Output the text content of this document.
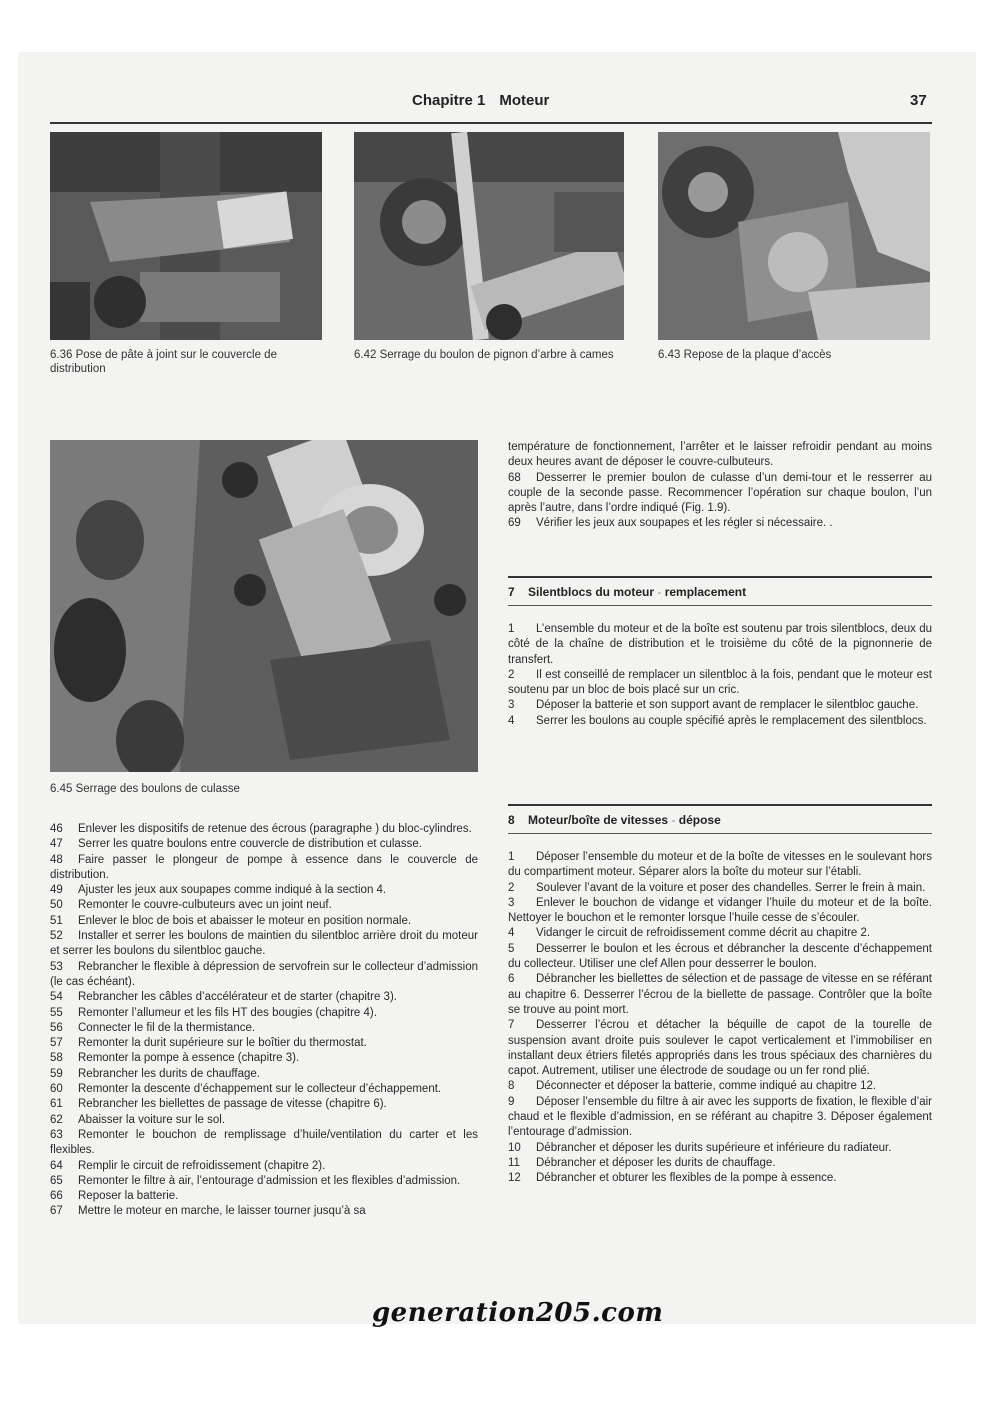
Chapitre 1 Moteur	37
6.36 Pose de pâte à joint sur le couvercle de distribution
6.42 Serrage du boulon de pignon d’arbre à cames	6.43 Repose de la plaque d’accès
6.45 Serrage des boulons de culasse

46 Enlever les dispositifs de retenue des écrous (paragraphe ) du bloc-cylindres.

47 Serrer les quatre boulons entre couvercle de distribution et culasse.

48 Faire passer le plongeur de pompe à essence dans le couvercle de distribution.

49 Ajuster les jeux aux soupapes comme indiqué à la section 4.

50 Remonter le couvre-culbuteurs avec un joint neuf.

51 Enlever le bloc de bois et abaisser le moteur en position normale.

52 Installer et serrer les boulons de maintien du silentbloc arrière droit du moteur et serrer les boulons du silentbloc gauche.

53 Rebrancher le flexible à dépression de servofrein sur le collecteur d’admission (le cas échéant).

54 Rebrancher les câbles d’accélérateur et de starter (chapitre 3).

55 Remonter l’allumeur et les fils HT des bougies (chapitre 4).

56 Connecter le fil de la thermistance.

57 Remonter la durit supérieure sur le boîtier du thermostat.

58 Remonter la pompe à essence (chapitre 3).

59 Rebrancher les durits de chauffage.

60 Remonter la descente d’échappement sur le collecteur d’échappement.

61 Rebrancher les biellettes de passage de vitesse (chapitre 6).

62 Abaisser la voiture sur le sol.

63 Remonter le bouchon de remplissage d’huile/ventilation du carter et les flexibles.

64 Remplir le circuit de refroidissement (chapitre 2).

65 Remonter le filtre à air, l’entourage d’admission et les flexibles d’admission.

66 Reposer la batterie.

67 Mettre le moteur en marche, le laisser tourner jusqu’à sa

température de fonctionnement, l’arrêter et le laisser refroidir pendant au moins deux heures avant de déposer le couvre-culbuteurs.

68 Desserrer le premier boulon de culasse d’un demi-tour et le resserrer au couple de la seconde passe. Recommencer l’opération sur chaque boulon, l’un après l’autre, dans l’ordre indiqué (Fig. 1.9).

69 Vérifier les jeux aux soupapes et les régler si nécessaire. .

7 Silentblocs du moteur - remplacement

1 L’ensemble du moteur et de la boîte est soutenu par trois silentblocs, deux du côté de la chaîne de distribution et le troisième du côté de la pignonnerie de transfert.

2 Il est conseillé de remplacer un silentbloc à la fois, pendant que le moteur est soutenu par un bloc de bois placé sur un cric.

3 Déposer la batterie et son support avant de remplacer le silentbloc gauche.

4 Serrer les boulons au couple spécifié après le remplacement des silentblocs.

8 Moteur/boîte de vitesses - dépose

1 Déposer l’ensemble du moteur et de la boîte de vitesses en le soulevant hors du compartiment moteur. Séparer alors la boîte du moteur sur l’établi.

2 Soulever l’avant de la voiture et poser des chandelles. Serrer le frein à main.

3 Enlever le bouchon de vidange et vidanger l’huile du moteur et de la boîte. Nettoyer le bouchon et le remonter lorsque l’huile cesse de s’écouler.

4 Vidanger le circuit de refroidissement comme décrit au chapitre 2.

5 Desserrer le boulon et les écrous et débrancher la descente d’échappement du collecteur. Utiliser une clef Allen pour desserrer le boulon.

6 Débrancher les biellettes de sélection et de passage de vitesse en se référant au chapitre 6. Desserrer l’écrou de la biellette de passage. Contrôler que la boîte se trouve au point mort.

7 Desserrer l’écrou et détacher la béquille de capot de la tourelle de suspension avant droite puis soulever le capot verticalement et l’immobiliser en installant deux étriers filetés appropriés dans les trous spéciaux des charnières du capot. Autrement, utiliser une électrode de soudage ou un fer rond plié.

8 Déconnecter et déposer la batterie, comme indiqué au chapitre 12.

9 Déposer l’ensemble du filtre à air avec les supports de fixation, le flexible d’air chaud et le flexible d’admission, en se référant au chapitre 3. Déposer également l’entourage d’admission.

10 Débrancher et déposer les durits supérieure et inférieure du radiateur.

11 Débrancher et déposer les durits de chauffage.

12 Débrancher et obturer les flexibles de la pompe à essence.

generation205.com
